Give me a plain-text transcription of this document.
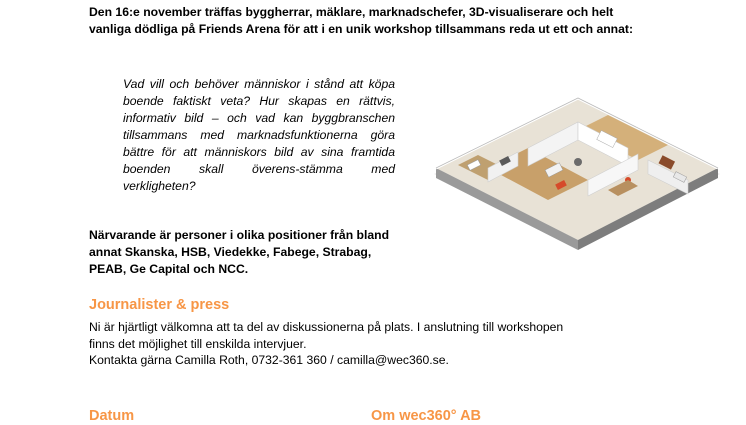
Den 16:e november träffas byggherrar, mäklare, marknadschefer, 3D-visualiserare och helt vanliga dödliga på Friends Arena för att i en unik workshop tillsammans reda ut ett och annat:

Vad vill och behöver människor i stånd att köpa boende faktiskt veta? Hur skapas en rättvis, informativ bild – och vad kan byggbranschen tillsammans med marknadsfunktionerna göra bättre för att människors bild av sina framtida boenden skall överens-stämma med verkligheten?

Närvarande är personer i olika positioner från bland annat Skanska, HSB, Viedekke, Fabege, Strabag, PEAB, Ge Capital och NCC.

Journalister & press

Ni är hjärtligt välkomna att ta del av diskussionerna på plats. I anslutning till workshopen
finns det möjlighet till enskilda intervjuer.
Kontakta gärna Camilla Roth, 0732-361 360 / camilla@wec360.se.

Datum	Om wec360° AB
